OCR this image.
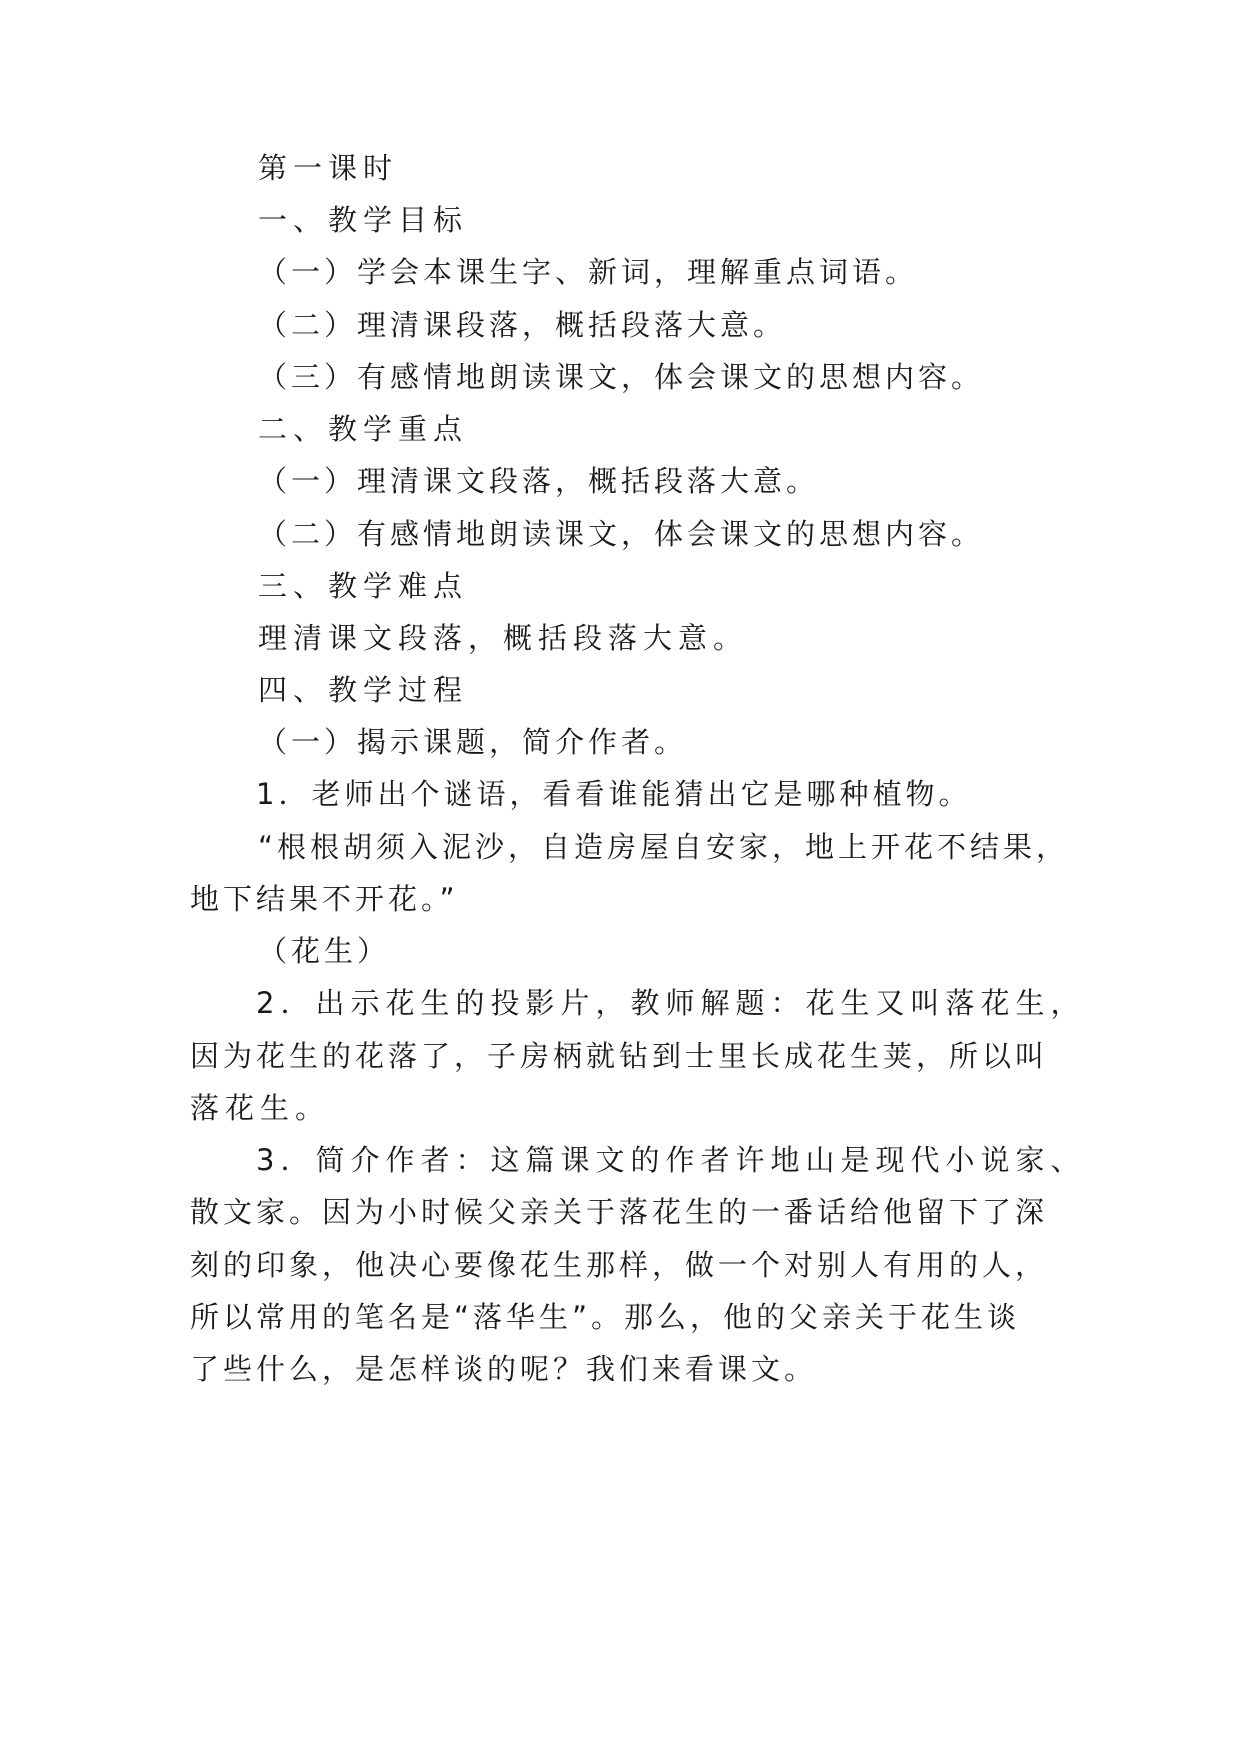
第一课时
一、教学目标
（一）学会本课生字、新词，理解重点词语。
（二）理清课段落，概括段落大意。
（三）有感情地朗读课文，体会课文的思想内容。
二、教学重点
（一）理清课文段落，概括段落大意。
（二）有感情地朗读课文，体会课文的思想内容。
三、教学难点
理清课文段落，概括段落大意。
四、教学过程
（一）揭示课题，简介作者。
1．老师出个谜语，看看谁能猜出它是哪种植物。
“根根胡须入泥沙，自造房屋自安家，地上开花不结果，
地下结果不开花。”
（花生）
2．出示花生的投影片，教师解题：花生又叫落花生，
因为花生的花落了，子房柄就钻到士里长成花生荚，所以叫
落花生。
3．简介作者：这篇课文的作者许地山是现代小说家、
散文家。因为小时候父亲关于落花生的一番话给他留下了深
刻的印象，他决心要像花生那样，做一个对别人有用的人，
所以常用的笔名是“落华生”。那么，他的父亲关于花生谈
了些什么，是怎样谈的呢？我们来看课文。
